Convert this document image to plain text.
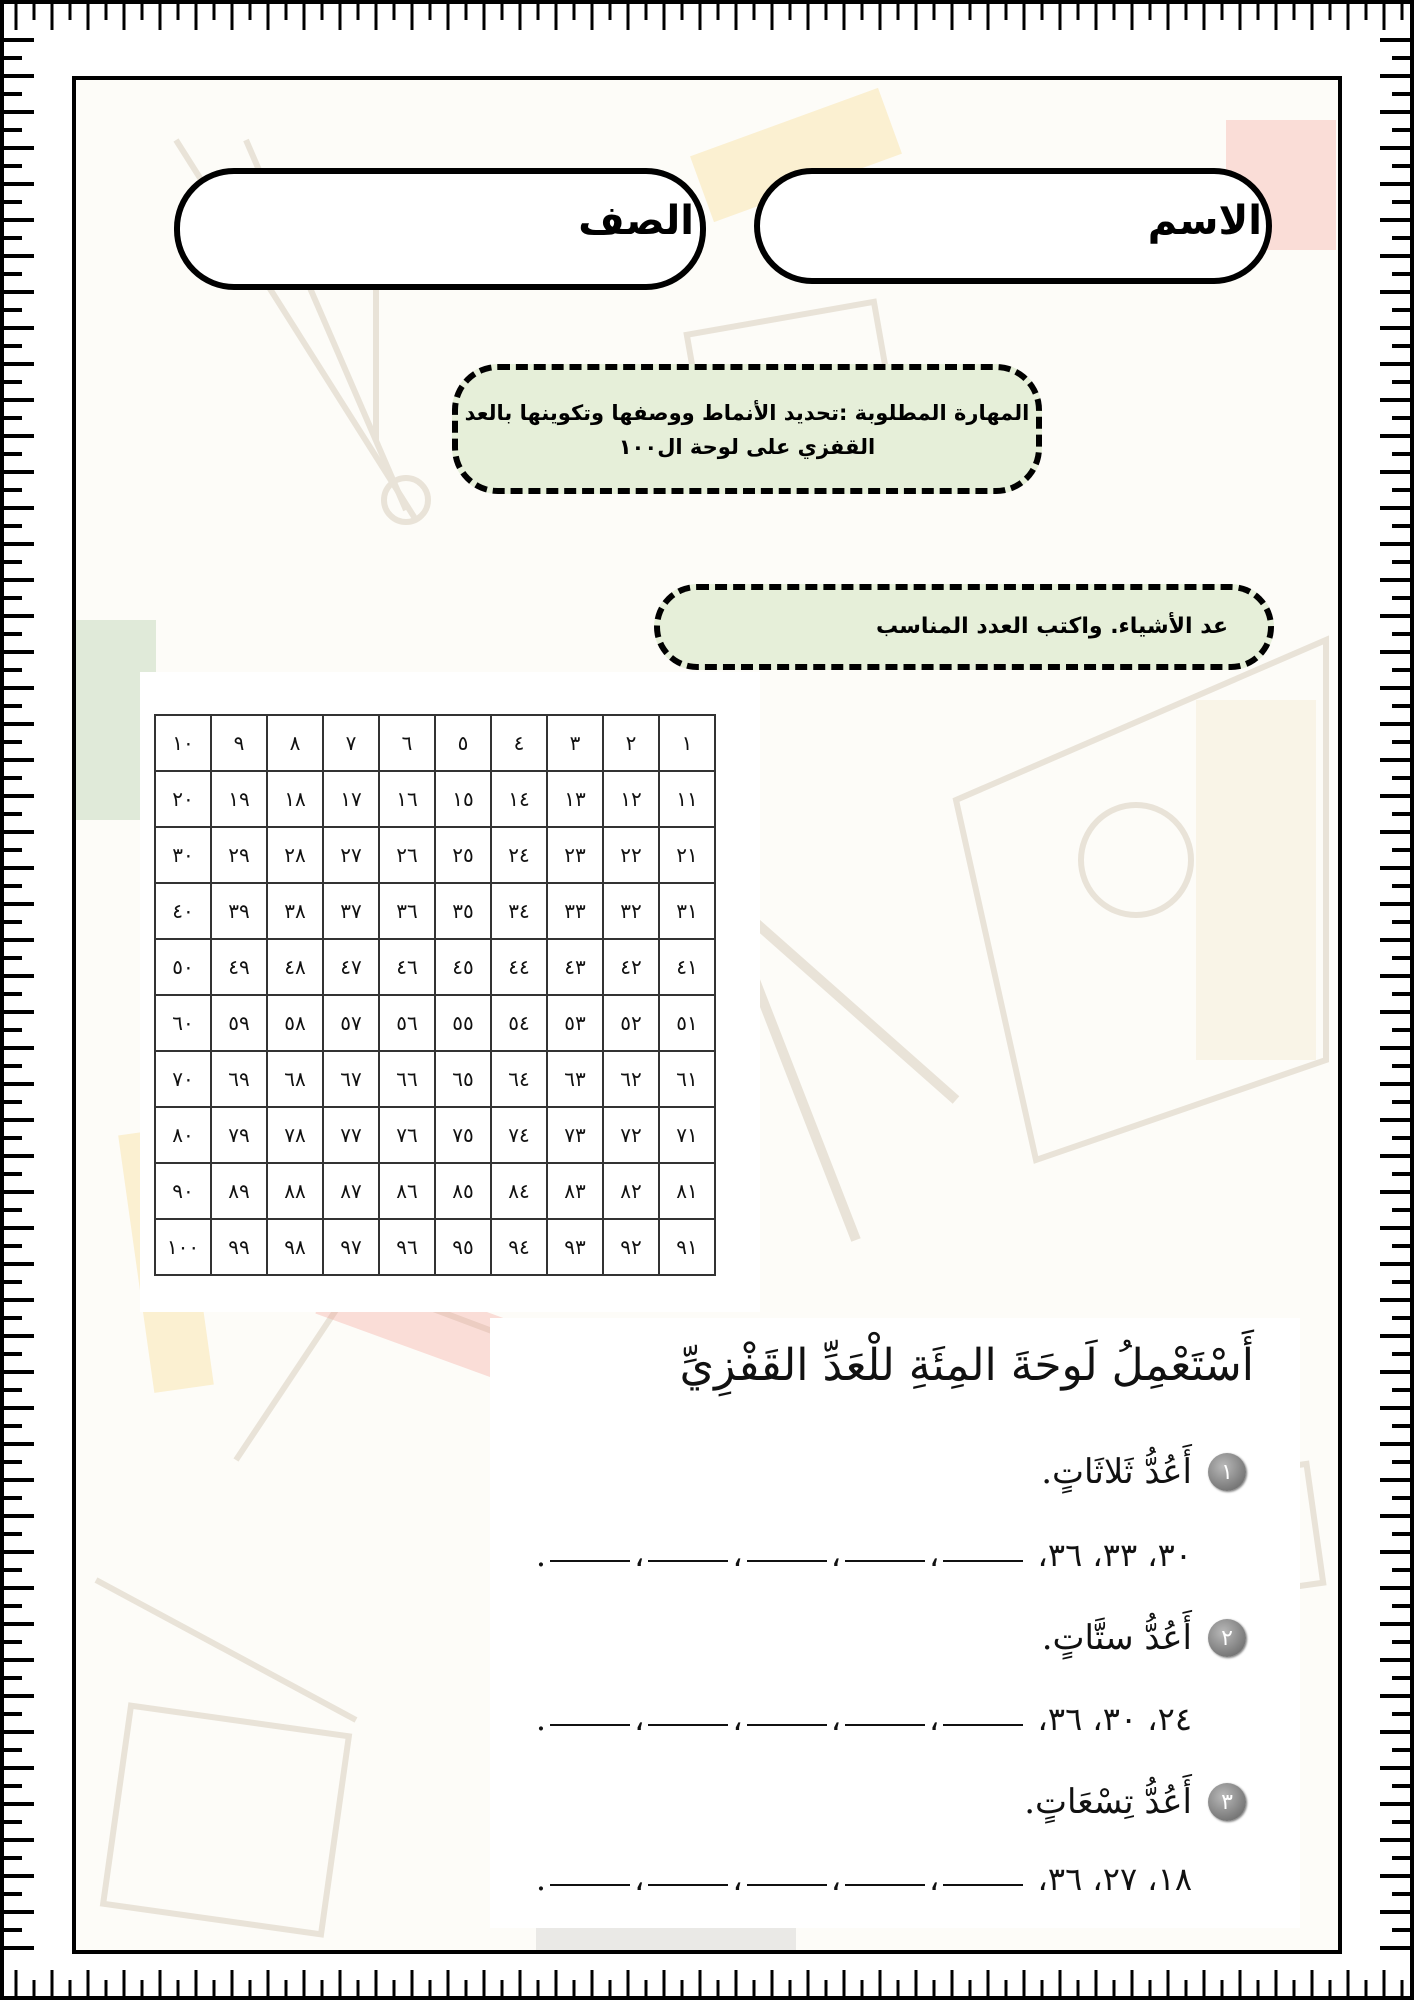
الاسم
الصف
المهارة المطلوبة :تحديد الأنماط ووصفها وتكوينها بالعد
القفزي على لوحة ال١٠٠
عد الأشياء. واكتب العدد المناسب
١	٢	٣	٤	٥	٦	٧	٨	٩	١٠
١١	١٢	١٣	١٤	١٥	١٦	١٧	١٨	١٩	٢٠
٢١	٢٢	٢٣	٢٤	٢٥	٢٦	٢٧	٢٨	٢٩	٣٠
٣١	٣٢	٣٣	٣٤	٣٥	٣٦	٣٧	٣٨	٣٩	٤٠
٤١	٤٢	٤٣	٤٤	٤٥	٤٦	٤٧	٤٨	٤٩	٥٠
٥١	٥٢	٥٣	٥٤	٥٥	٥٦	٥٧	٥٨	٥٩	٦٠
٦١	٦٢	٦٣	٦٤	٦٥	٦٦	٦٧	٦٨	٦٩	٧٠
٧١	٧٢	٧٣	٧٤	٧٥	٧٦	٧٧	٧٨	٧٩	٨٠
٨١	٨٢	٨٣	٨٤	٨٥	٨٦	٨٧	٨٨	٨٩	٩٠
٩١	٩٢	٩٣	٩٤	٩٥	٩٦	٩٧	٩٨	٩٩	١٠٠
أَسْتَعْمِلُ لَوحَةَ المِئَةِ للْعَدِّ القَفْزِيِّ
١
أَعُدُّ ثَلاثَاتٍ.
٣٠، ٣٣، ٣٦، ،،،،.
٢
أَعُدُّ ستَّاتٍ.
٢٤، ٣٠، ٣٦، ،،،،.
٣
أَعُدُّ تِسْعَاتٍ.
١٨، ٢٧، ٣٦، ،،،،.
